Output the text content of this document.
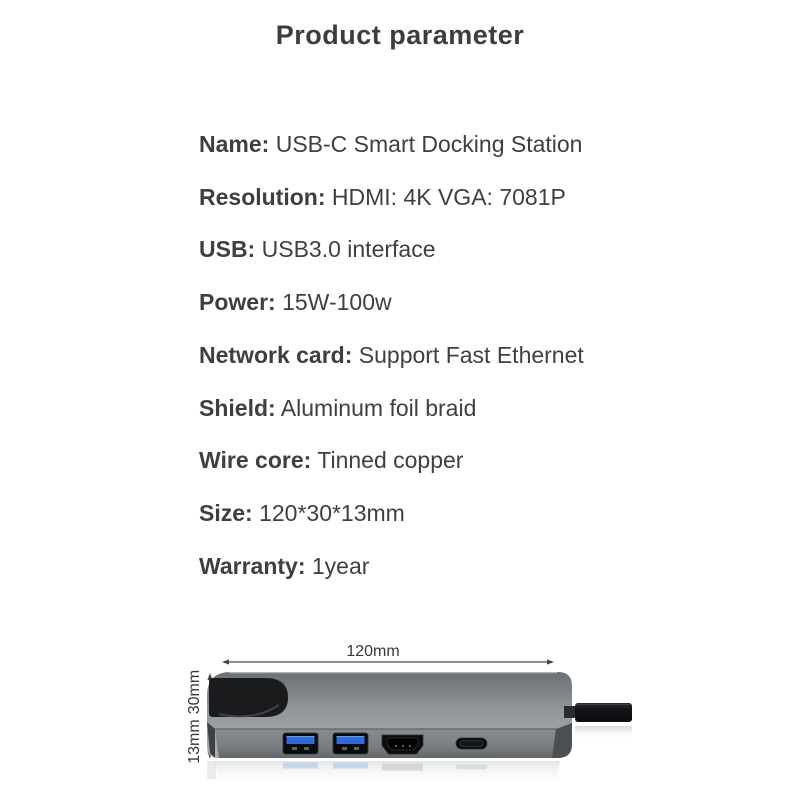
Product parameter
Name: USB-C Smart Docking Station
Resolution: HDMI: 4K VGA: 7081P
USB: USB3.0 interface
Power: 15W-100w
Network card: Support Fast Ethernet
Shield: Aluminum foil braid
Wire core: Tinned copper
Size: 120*30*13mm
Warranty: 1year
120mm
30mm
13mm
